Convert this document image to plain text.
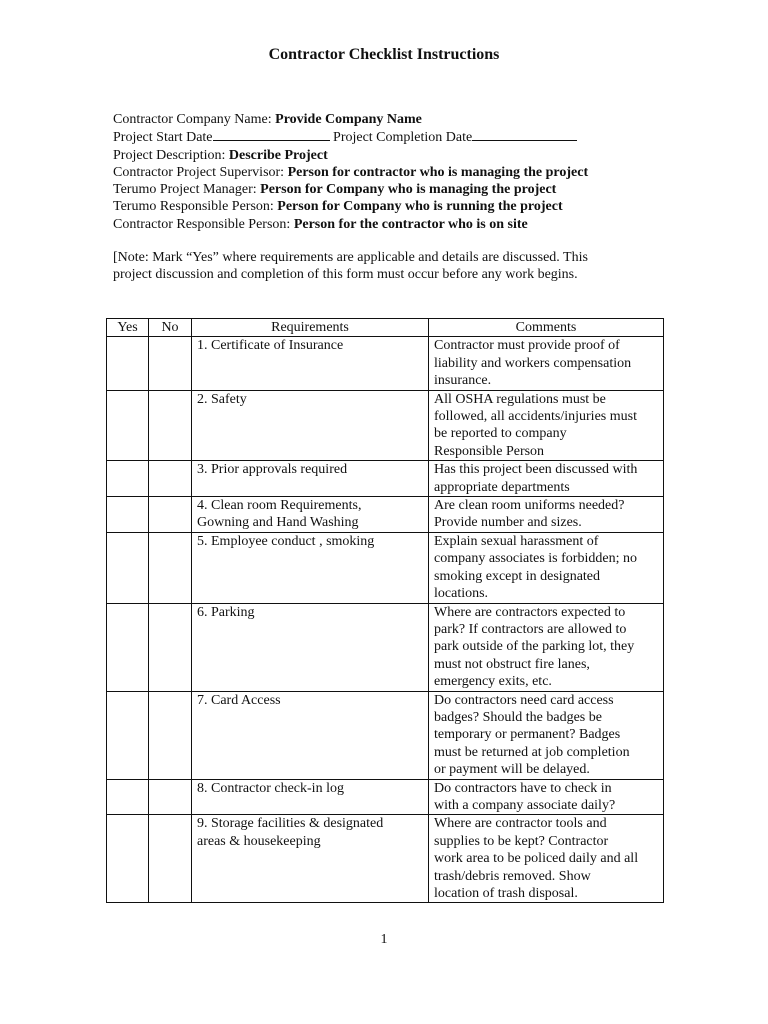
Contractor Checklist Instructions
Contractor Company Name: Provide Company Name
Project Start Date	Project Completion Date
Project Description: Describe Project
Contractor Project Supervisor: Person for contractor who is managing the project
Terumo Project Manager: Person for Company who is managing the project
Terumo Responsible Person: Person for Company who is running the project
Contractor Responsible Person: Person for the contractor who is on site
[Note: Mark “Yes” where requirements are applicable and details are discussed. This
project discussion and completion of this form must occur before any work begins.
Yes	No	Requirements	Comments

		1. Certificate of Insurance	Contractor must provide proof of
liability and workers compensation
insurance.

		2. Safety	All OSHA regulations must be
followed, all accidents/injuries must
be reported to company
Responsible Person

		3. Prior approvals required	Has this project been discussed with
appropriate departments

		4. Clean room Requirements,
Gowning and Hand Washing	Are clean room uniforms needed?
Provide number and sizes.

		5. Employee conduct , smoking	Explain sexual harassment of
company associates is forbidden; no
smoking except in designated
locations.

		6. Parking	Where are contractors expected to
park? If contractors are allowed to
park outside of the parking lot, they
must not obstruct fire lanes,
emergency exits, etc.

		7. Card Access	Do contractors need card access
badges? Should the badges be
temporary or permanent? Badges
must be returned at job completion
or payment will be delayed.

		8. Contractor check-in log	Do contractors have to check in
with a company associate daily?

		9. Storage facilities & designated
areas & housekeeping	Where are contractor tools and
supplies to be kept? Contractor
work area to be policed daily and all
trash/debris removed. Show
location of trash disposal.
1
